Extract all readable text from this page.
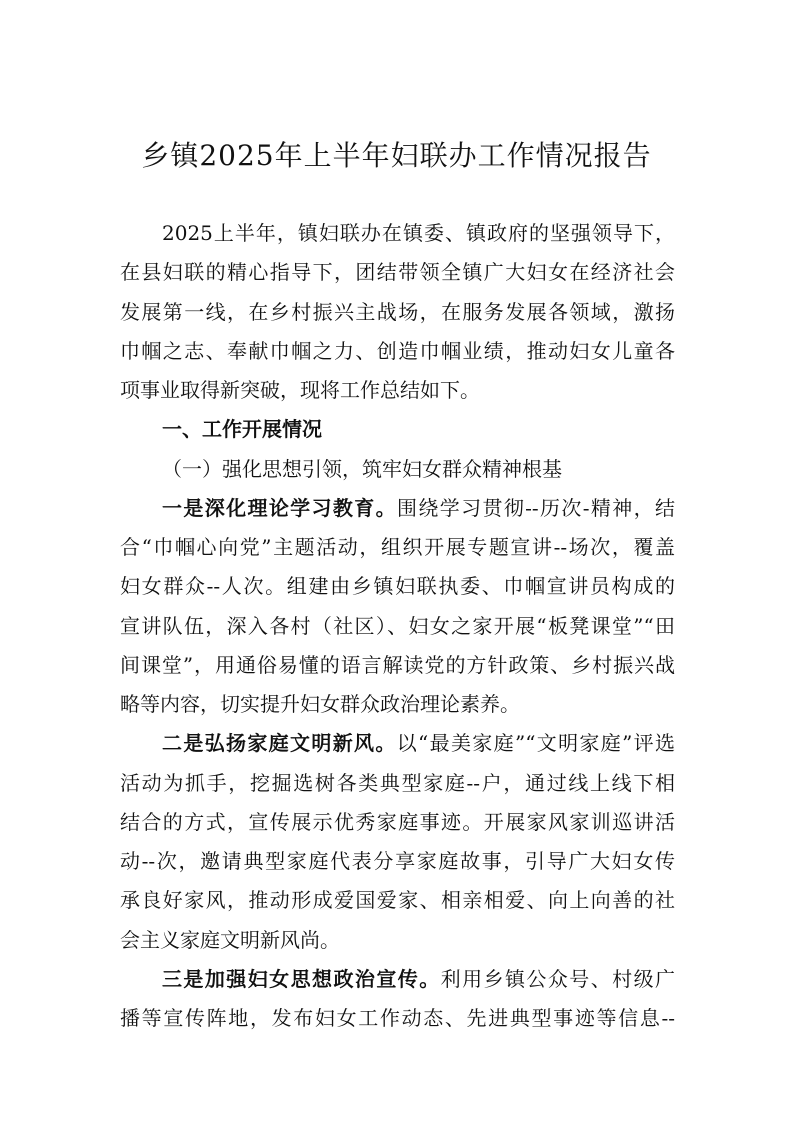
乡镇2025年上半年妇联办工作情况报告
2025上半年，镇妇联办在镇委、镇政府的坚强领导下，
在县妇联的精心指导下，团结带领全镇广大妇女在经济社会
发展第一线，在乡村振兴主战场，在服务发展各领域，激扬
巾帼之志、奉献巾帼之力、创造巾帼业绩，推动妇女儿童各
项事业取得新突破，现将工作总结如下。
一、工作开展情况
（一）强化思想引领，筑牢妇女群众精神根基
一是深化理论学习教育。围绕学习贯彻--历次-精神，结
合“巾帼心向党”主题活动，组织开展专题宣讲--场次，覆盖
妇女群众--人次。组建由乡镇妇联执委、巾帼宣讲员构成的
宣讲队伍，深入各村（社区）、妇女之家开展“板凳课堂”“田
间课堂”，用通俗易懂的语言解读党的方针政策、乡村振兴战
略等内容，切实提升妇女群众政治理论素养。
二是弘扬家庭文明新风。以“最美家庭”“文明家庭”评选
活动为抓手，挖掘选树各类典型家庭--户，通过线上线下相
结合的方式，宣传展示优秀家庭事迹。开展家风家训巡讲活
动--次，邀请典型家庭代表分享家庭故事，引导广大妇女传
承良好家风，推动形成爱国爱家、相亲相爱、向上向善的社
会主义家庭文明新风尚。
三是加强妇女思想政治宣传。利用乡镇公众号、村级广
播等宣传阵地，发布妇女工作动态、先进典型事迹等信息--
